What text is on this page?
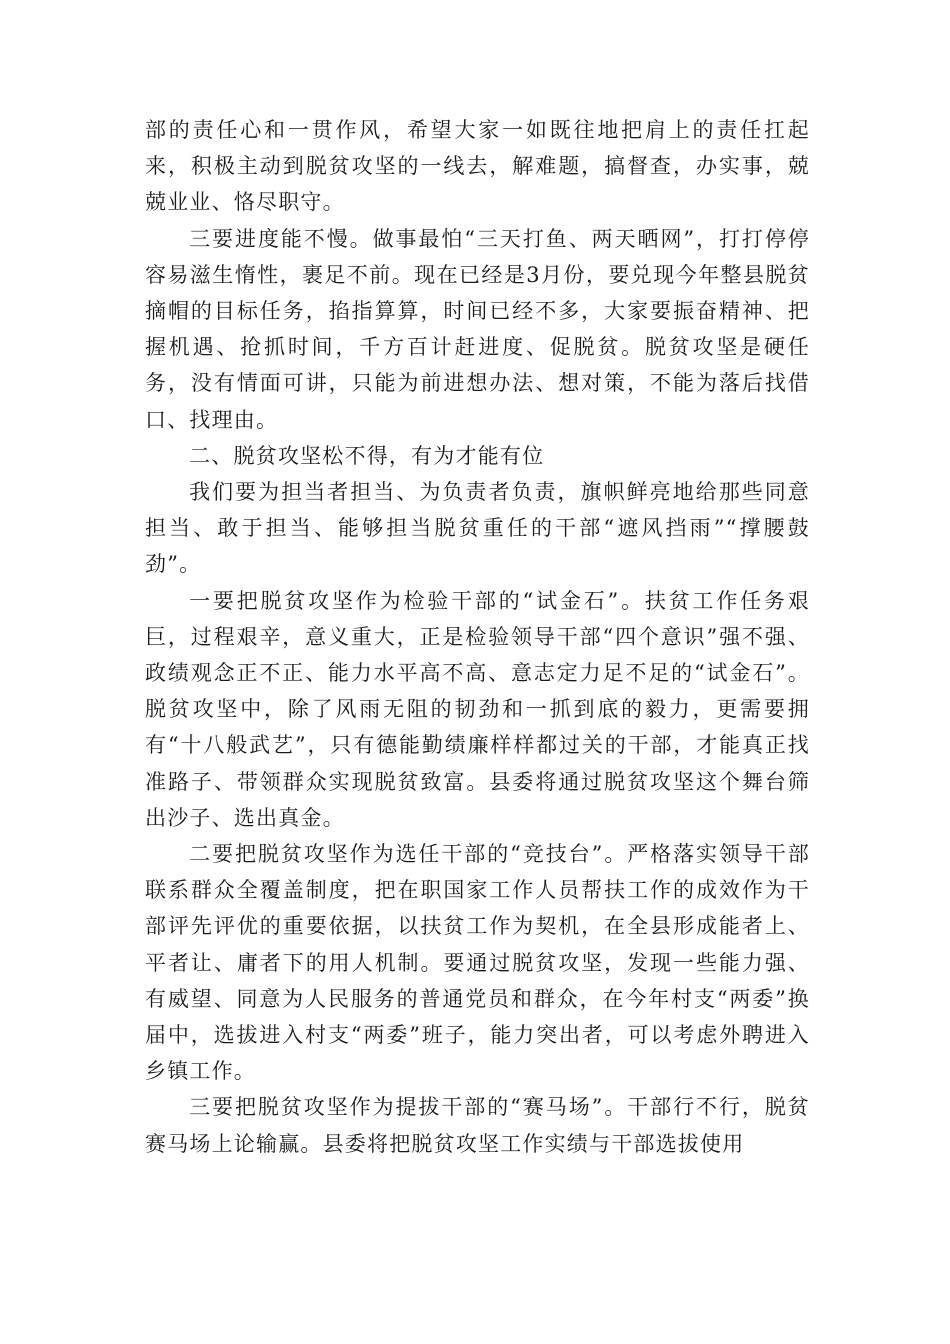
部的责任心和一贯作风，希望大家一如既往地把肩上的责任扛起来，积极主动到脱贫攻坚的一线去，解难题，搞督查，办实事，兢兢业业、恪尽职守。

三要进度能不慢。做事最怕“三天打鱼、两天晒网”，打打停停容易滋生惰性，裹足不前。现在已经是3月份，要兑现今年整县脱贫摘帽的目标任务，掐指算算，时间已经不多，大家要振奋精神、把握机遇、抢抓时间，千方百计赶进度、促脱贫。脱贫攻坚是硬任务，没有情面可讲，只能为前进想办法、想对策，不能为落后找借口、找理由。

二、脱贫攻坚松不得，有为才能有位

我们要为担当者担当、为负责者负责，旗帜鲜亮地给那些同意担当、敢于担当、能够担当脱贫重任的干部“遮风挡雨”“撑腰鼓劲”。

一要把脱贫攻坚作为检验干部的“试金石”。扶贫工作任务艰巨，过程艰辛，意义重大，正是检验领导干部“四个意识”强不强、政绩观念正不正、能力水平高不高、意志定力足不足的“试金石”。脱贫攻坚中，除了风雨无阻的韧劲和一抓到底的毅力，更需要拥有“十八般武艺”，只有德能勤绩廉样样都过关的干部，才能真正找准路子、带领群众实现脱贫致富。县委将通过脱贫攻坚这个舞台筛出沙子、选出真金。

二要把脱贫攻坚作为选任干部的“竞技台”。严格落实领导干部联系群众全覆盖制度，把在职国家工作人员帮扶工作的成效作为干部评先评优的重要依据，以扶贫工作为契机，在全县形成能者上、平者让、庸者下的用人机制。要通过脱贫攻坚，发现一些能力强、有威望、同意为人民服务的普通党员和群众，在今年村支“两委”换届中，选拔进入村支“两委”班子，能力突出者，可以考虑外聘进入乡镇工作。

三要把脱贫攻坚作为提拔干部的“赛马场”。干部行不行，脱贫赛马场上论输赢。县委将把脱贫攻坚工作实绩与干部选拔使用
